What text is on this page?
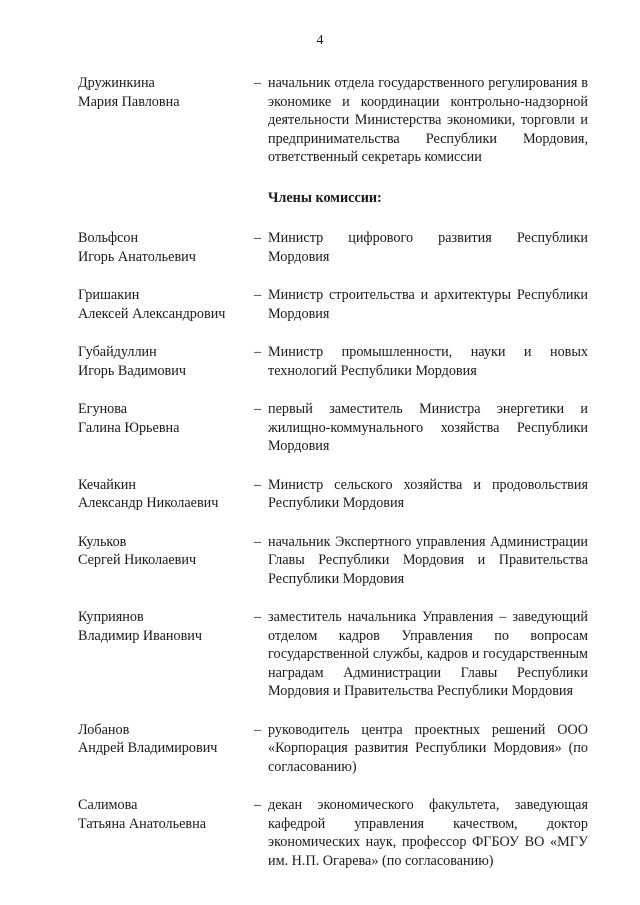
4
Дружинкина
Мария Павловна
– начальник отдела государственного регулирования в экономике и координации контрольно-надзорной деятельности Министерства экономики, торговли и предпринимательства Республики Мордовия, ответственный секретарь комиссии
Члены комиссии:
Вольфсон
Игорь Анатольевич
– Министр цифрового развития Республики Мордовия
Гришакин
Алексей Александрович
– Министр строительства и архитектуры Республики Мордовия
Губайдуллин
Игорь Вадимович
– Министр промышленности, науки и новых технологий Республики Мордовия
Егунова
Галина Юрьевна
– первый заместитель Министра энергетики и жилищно-коммунального хозяйства Республики Мордовия
Кечайкин
Александр Николаевич
– Министр сельского хозяйства и продовольствия Республики Мордовия
Кульков
Сергей Николаевич
– начальник Экспертного управления Администрации Главы Республики Мордовия и Правительства Республики Мордовия
Куприянов
Владимир Иванович
– заместитель начальника Управления – заведующий отделом кадров Управления по вопросам государственной службы, кадров и государственным наградам Администрации Главы Республики Мордовия и Правительства Республики Мордовия
Лобанов
Андрей Владимирович
– руководитель центра проектных решений ООО «Корпорация развития Республики Мордовия» (по согласованию)
Салимова
Татьяна Анатольевна
– декан экономического факультета, заведующая кафедрой управления качеством, доктор экономических наук, профессор ФГБОУ ВО «МГУ им. Н.П. Огарева» (по согласованию)
